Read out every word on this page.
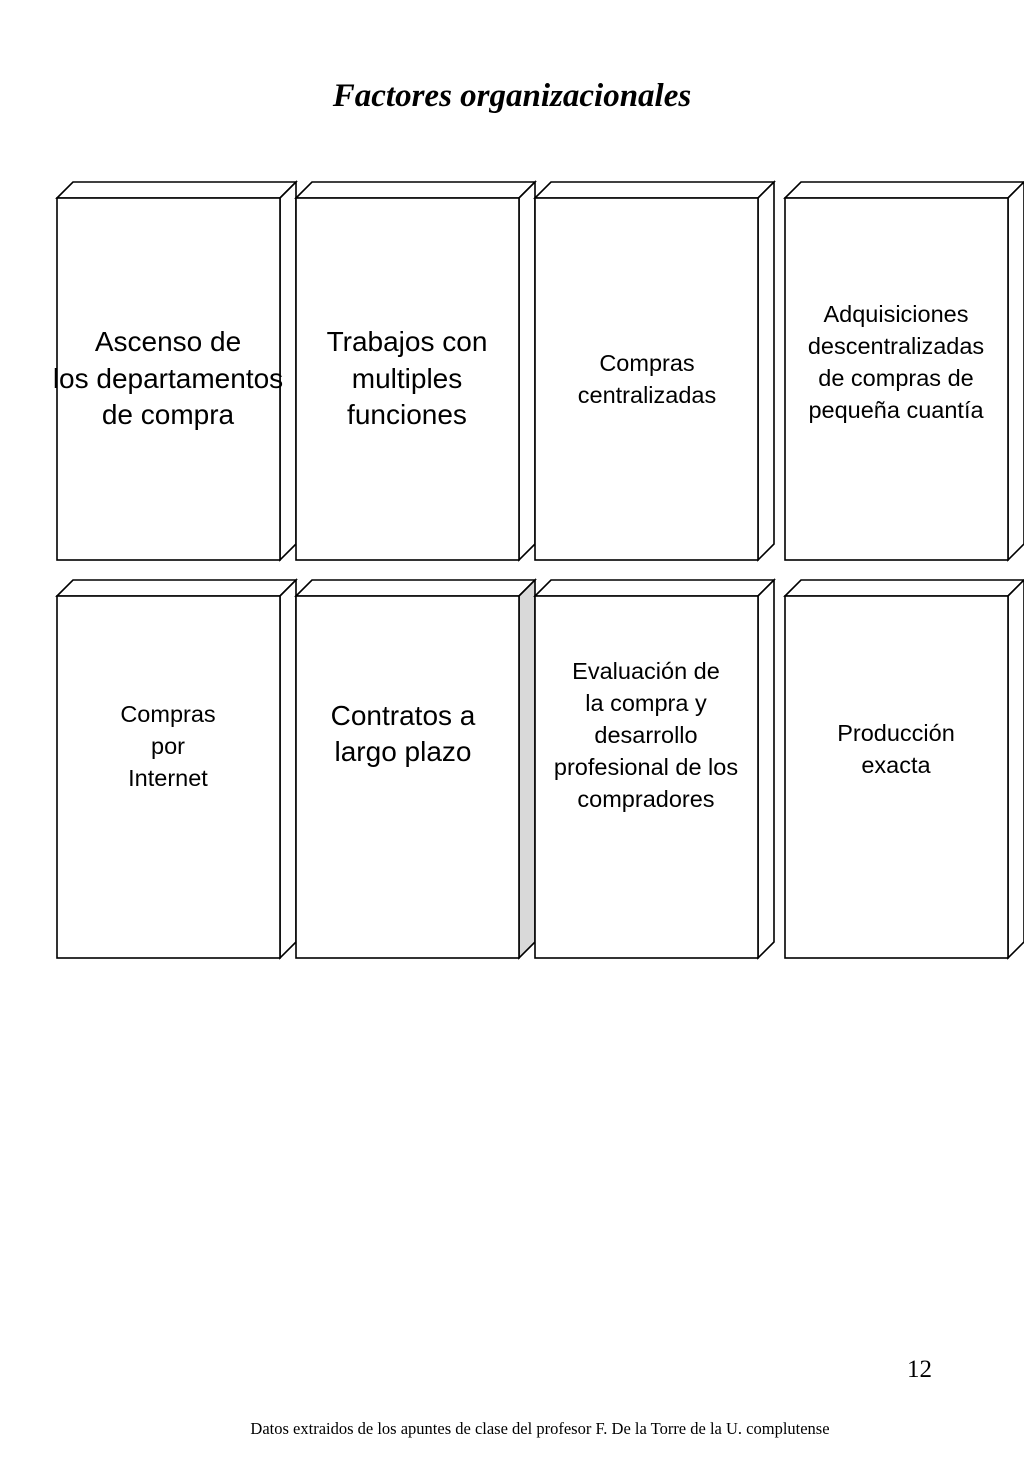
Factores organizacionales
Ascenso de
los departamentos
de compra
Trabajos con
multiples
funciones
Compras
centralizadas
Adquisiciones
descentralizadas
de compras de
pequeña cuantía
Compras
por
Internet
Contratos a
largo plazo
Evaluación de
la compra y
desarrollo
profesional de los
compradores
Producción
exacta
12
Datos extraidos de los apuntes de clase del profesor F. De la Torre de la U. complutense
